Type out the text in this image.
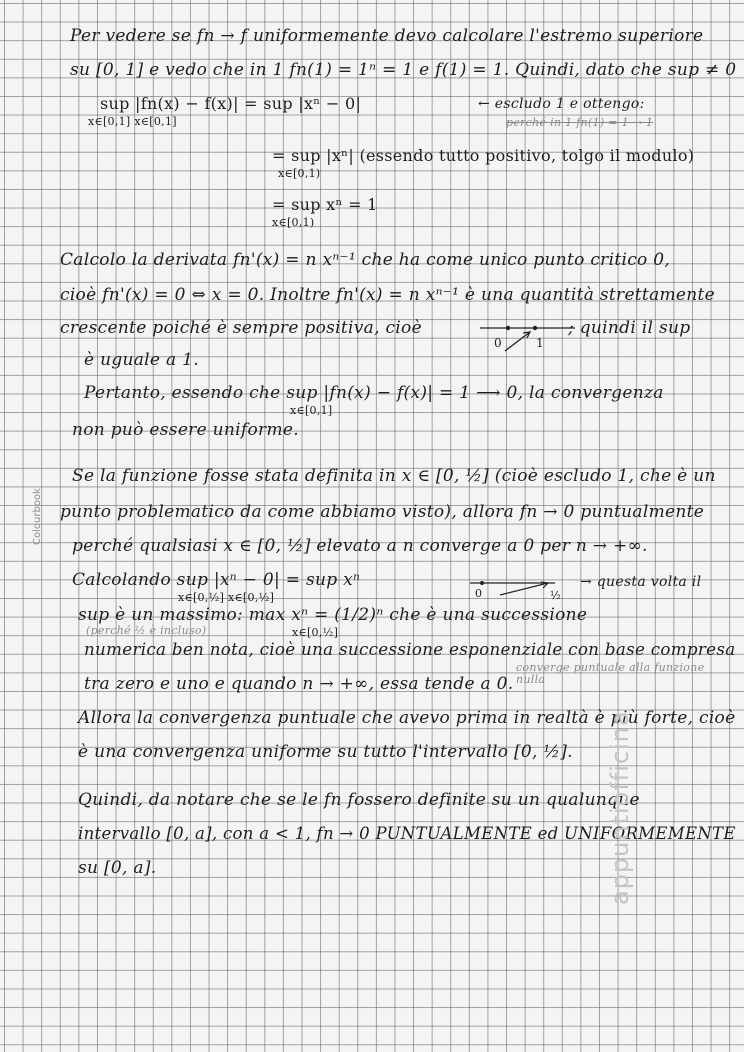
Per vedere se fn → f uniformemente devo calcolare l'estremo superiore
su [0, 1] e vedo che in 1 fn(1) = 1ⁿ = 1 e f(1) = 1. Quindi, dato che sup ≠ 0
sup |fn(x) − f(x)| = sup |xⁿ − 0|
x∈[0,1] x∈[0,1]
← escludo 1 e ottengo:
perché in 1 fn(1) = 1 → 1
= sup |xⁿ| (essendo tutto positivo, tolgo il modulo)
x∈[0,1)
= sup xⁿ = 1
x∈[0,1)
Calcolo la derivata fn'(x) = n xⁿ⁻¹ che ha come unico punto critico 0,
cioè fn'(x) = 0 ⇔ x = 0. Inoltre fn'(x) = n xⁿ⁻¹ è una quantità strettamente
crescente poiché è sempre positiva, cioè
0	1
; quindi il sup
è uguale a 1.
Pertanto, essendo che sup |fn(x) − f(x)| = 1 ⟶ 0, la convergenza
x∈[0,1]
non può essere uniforme.
Se la funzione fosse stata definita in x ∈ [0, ½] (cioè escludo 1, che è un
punto problematico da come abbiamo visto), allora fn → 0 puntualmente
perché qualsiasi x ∈ [0, ½] elevato a n converge a 0 per n → +∞.
Calcolando sup |xⁿ − 0| = sup xⁿ
x∈[0,½] x∈[0,½]	0	½
→ questa volta il
sup è un massimo: max xⁿ = (1/2)ⁿ che è una successione
x∈[0,½]
(perché ½ è incluso)
numerica ben nota, cioè una successione esponenziale con base compresa
tra zero e uno e quando n → +∞, essa tende a 0.
converge puntuale alla funzione nulla
Allora la convergenza puntuale che avevo prima in realtà è più forte, cioè
è una convergenza uniforme su tutto l'intervallo [0, ½].
Quindi, da notare che se le fn fossero definite su un qualunque
intervallo [0, a], con a < 1, fn → 0 PUNTUALMENTE ed UNIFORMEMENTE
su [0, a].
Colourbook
appuntiofficina
